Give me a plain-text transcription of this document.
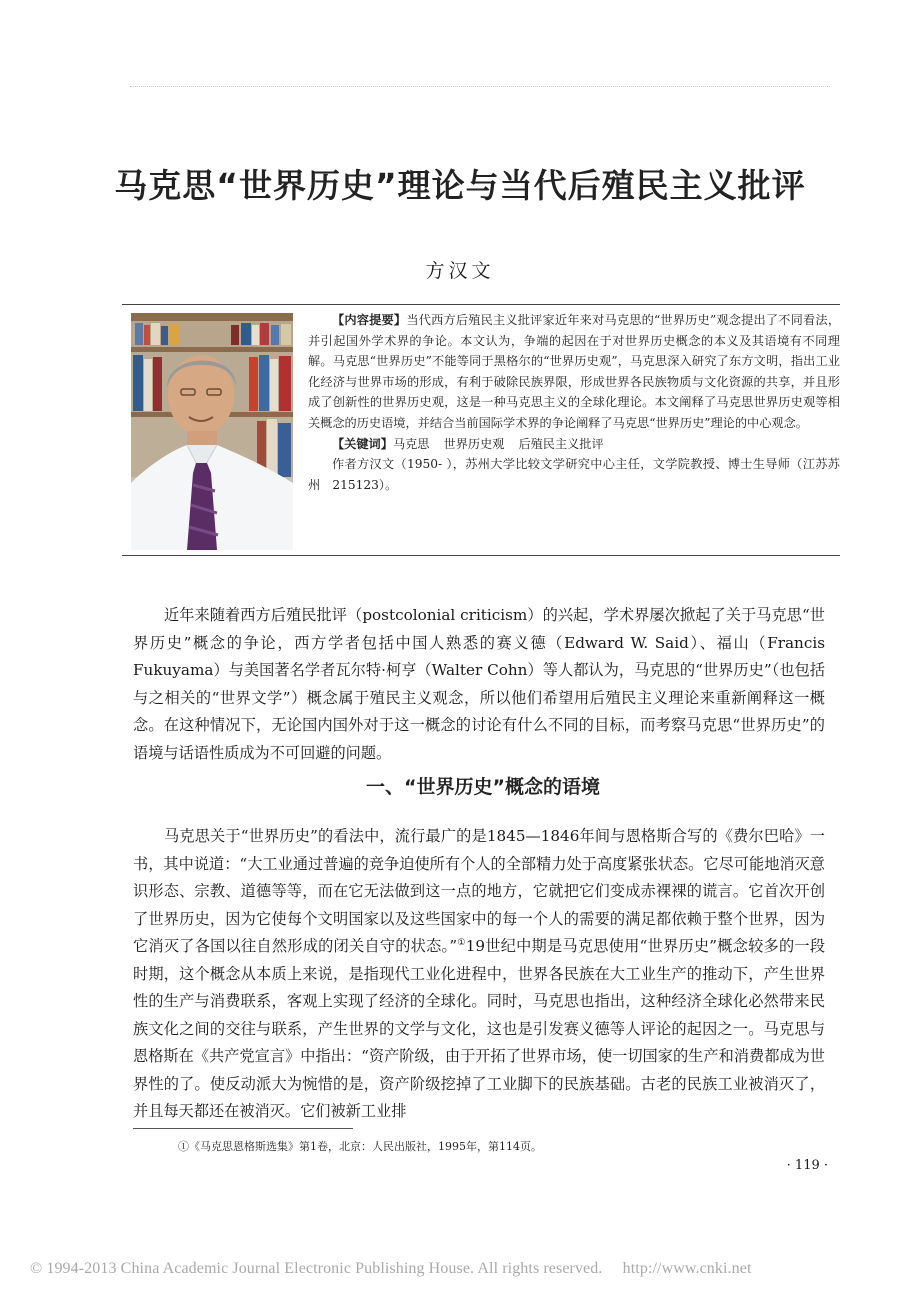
马克思“世界历史”理论与当代后殖民主义批评
方汉文

【内容提要】当代西方后殖民主义批评家近年来对马克思的“世界历史”观念提出了不同看法，并引起国外学术界的争论。本文认为，争端的起因在于对世界历史概念的本义及其语境有不同理解。马克思“世界历史”不能等同于黑格尔的“世界历史观”，马克思深入研究了东方文明，指出工业化经济与世界市场的形成，有利于破除民族界限，形成世界各民族物质与文化资源的共享，并且形成了创新性的世界历史观，这是一种马克思主义的全球化理论。本文阐释了马克思世界历史观等相关概念的历史语境，并结合当前国际学术界的争论阐释了马克思“世界历史”理论的中心观念。

【关键词】马克思 世界历史观 后殖民主义批评

作者方汉文（1950- ），苏州大学比较文学研究中心主任，文学院教授、博士生导师（江苏苏州　215123）。

近年来随着西方后殖民批评（postcolonial criticism）的兴起，学术界屡次掀起了关于马克思“世界历史”概念的争论，西方学者包括中国人熟悉的赛义德（Edward W. Said）、福山（Francis Fukuyama）与美国著名学者瓦尔特·柯亨（Walter Cohn）等人都认为，马克思的“世界历史”（也包括与之相关的“世界文学”）概念属于殖民主义观念，所以他们希望用后殖民主义理论来重新阐释这一概念。在这种情况下，无论国内国外对于这一概念的讨论有什么不同的目标，而考察马克思“世界历史”的语境与话语性质成为不可回避的问题。

一、“世界历史”概念的语境

马克思关于“世界历史”的看法中，流行最广的是1845—1846年间与恩格斯合写的《费尔巴哈》一书，其中说道：“大工业通过普遍的竞争迫使所有个人的全部精力处于高度紧张状态。它尽可能地消灭意识形态、宗教、道德等等，而在它无法做到这一点的地方，它就把它们变成赤裸裸的谎言。它首次开创了世界历史，因为它使每个文明国家以及这些国家中的每一个人的需要的满足都依赖于整个世界，因为它消灭了各国以往自然形成的闭关自守的状态。”①19世纪中期是马克思使用“世界历史”概念较多的一段时期，这个概念从本质上来说，是指现代工业化进程中，世界各民族在大工业生产的推动下，产生世界性的生产与消费联系，客观上实现了经济的全球化。同时，马克思也指出，这种经济全球化必然带来民族文化之间的交往与联系，产生世界的文学与文化，这也是引发赛义德等人评论的起因之一。马克思与恩格斯在《共产党宣言》中指出：“资产阶级，由于开拓了世界市场，使一切国家的生产和消费都成为世界性的了。使反动派大为惋惜的是，资产阶级挖掉了工业脚下的民族基础。古老的民族工业被消灭了，并且每天都还在被消灭。它们被新工业排

①《马克思恩格斯选集》第1卷，北京：人民出版社，1995年，第114页。
· 119 ·
© 1994-2013 China Academic Journal Electronic Publishing House. All rights reserved.　 http://www.cnki.net
